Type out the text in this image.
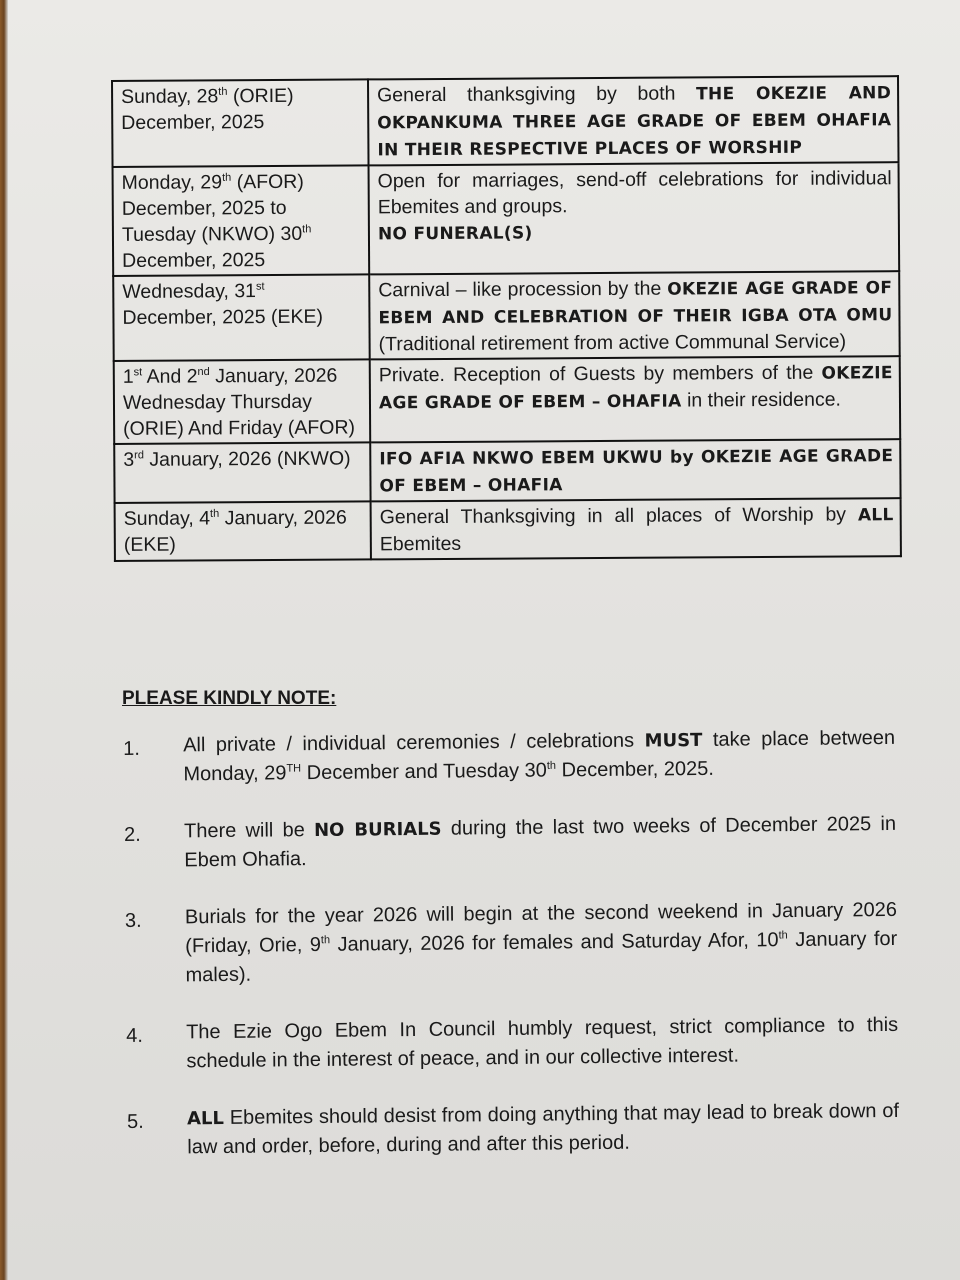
Sunday, 28th (ORIE) December, 2025	General thanksgiving by both THE OKEZIE AND OKPANKUMA THREE AGE GRADE OF EBEM OHAFIA IN THEIR RESPECTIVE PLACES OF WORSHIP
Monday, 29th (AFOR) December, 2025 to Tuesday (NKWO) 30th December, 2025	Open for marriages, send-off celebrations for individual Ebemites and groups.
NO FUNERAL(S)
Wednesday, 31st December, 2025 (EKE)	Carnival – like procession by the OKEZIE AGE GRADE OF EBEM AND CELEBRATION OF THEIR IGBA OTA OMU (Traditional retirement from active Communal Service)
1st And 2nd January, 2026 Wednesday Thursday (ORIE) And Friday (AFOR)	Private. Reception of Guests by members of the OKEZIE AGE GRADE OF EBEM – OHAFIA in their residence.
3rd January, 2026 (NKWO)	IFO AFIA NKWO EBEM UKWU by OKEZIE AGE GRADE OF EBEM – OHAFIA
Sunday, 4th January, 2026 (EKE)	General Thanksgiving in all places of Worship by ALL Ebemites
PLEASE KINDLY NOTE:
1.	All private / individual ceremonies / celebrations MUST take place between Monday, 29TH December and Tuesday 30th December, 2025.
2.	There will be NO BURIALS during the last two weeks of December 2025 in Ebem Ohafia.
3.	Burials for the year 2026 will begin at the second weekend in January 2026 (Friday, Orie, 9th January, 2026 for females and Saturday Afor, 10th January for males).
4.	The Ezie Ogo Ebem In Council humbly request, strict compliance to this schedule in the interest of peace, and in our collective interest.
5.	ALL Ebemites should desist from doing anything that may lead to break down of law and order, before, during and after this period.
